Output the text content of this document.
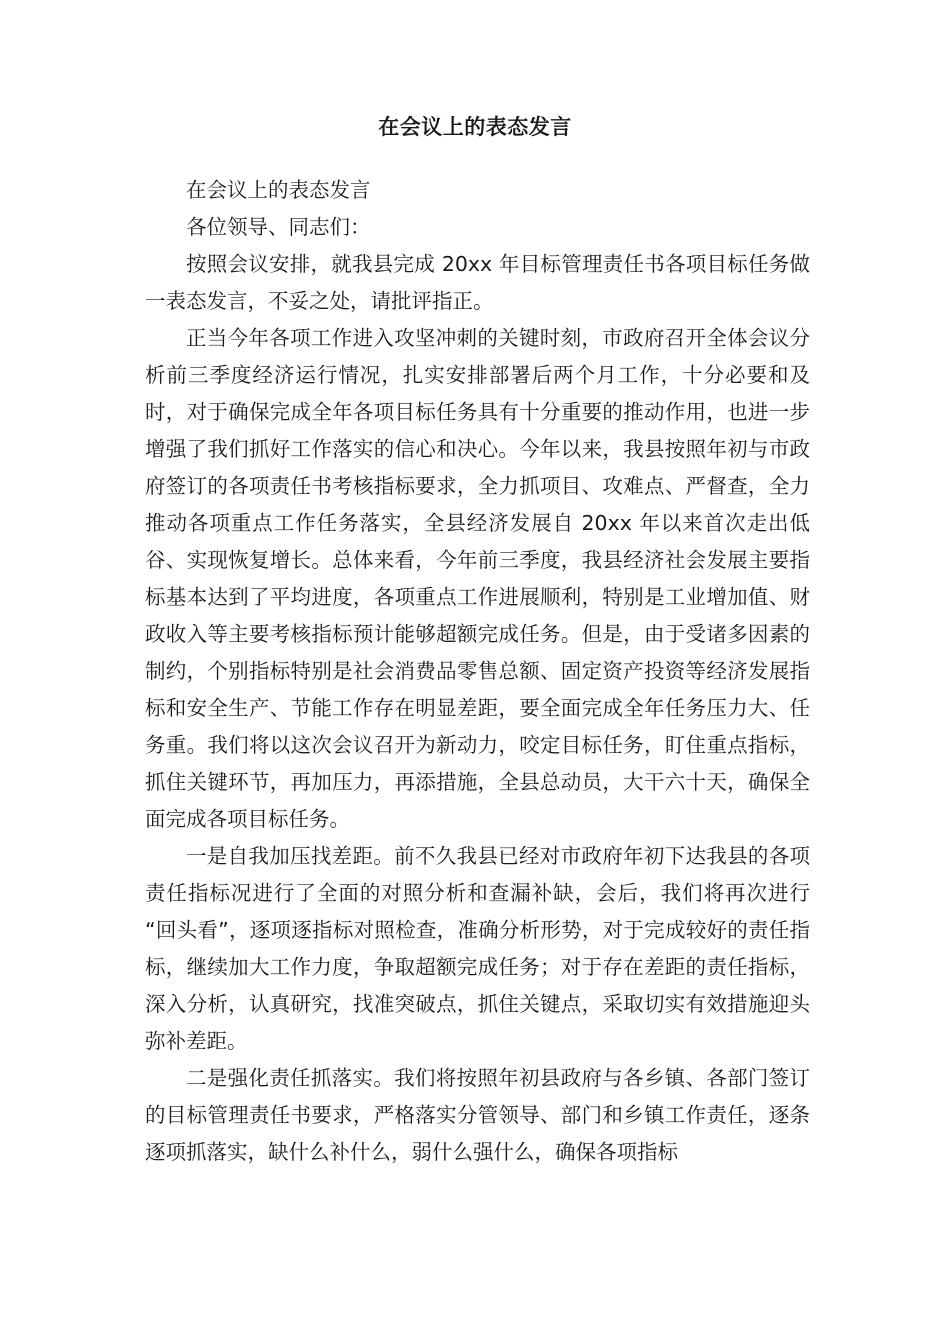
在会议上的表态发言

在会议上的表态发言

各位领导、同志们：

按照会议安排，就我县完成 20xx 年目标管理责任书各项目标任务做一表态发言，不妥之处，请批评指正。

正当今年各项工作进入攻坚冲刺的关键时刻，市政府召开全体会议分析前三季度经济运行情况，扎实安排部署后两个月工作，十分必要和及时，对于确保完成全年各项目标任务具有十分重要的推动作用，也进一步增强了我们抓好工作落实的信心和决心。今年以来，我县按照年初与市政府签订的各项责任书考核指标要求，全力抓项目、攻难点、严督查，全力推动各项重点工作任务落实，全县经济发展自 20xx 年以来首次走出低谷、实现恢复增长。总体来看，今年前三季度，我县经济社会发展主要指标基本达到了平均进度，各项重点工作进展顺利，特别是工业增加值、财政收入等主要考核指标预计能够超额完成任务。但是，由于受诸多因素的制约，个别指标特别是社会消费品零售总额、固定资产投资等经济发展指标和安全生产、节能工作存在明显差距，要全面完成全年任务压力大、任务重。我们将以这次会议召开为新动力，咬定目标任务，盯住重点指标，抓住关键环节，再加压力，再添措施，全县总动员，大干六十天，确保全面完成各项目标任务。

一是自我加压找差距。前不久我县已经对市政府年初下达我县的各项责任指标况进行了全面的对照分析和查漏补缺，会后，我们将再次进行 “回头看”，逐项逐指标对照检查，准确分析形势，对于完成较好的责任指标，继续加大工作力度，争取超额完成任务；对于存在差距的责任指标，深入分析，认真研究，找准突破点，抓住关键点，采取切实有效措施迎头弥补差距。

二是强化责任抓落实。我们将按照年初县政府与各乡镇、各部门签订的目标管理责任书要求，严格落实分管领导、部门和乡镇工作责任，逐条逐项抓落实，缺什么补什么，弱什么强什么，确保各项指标
